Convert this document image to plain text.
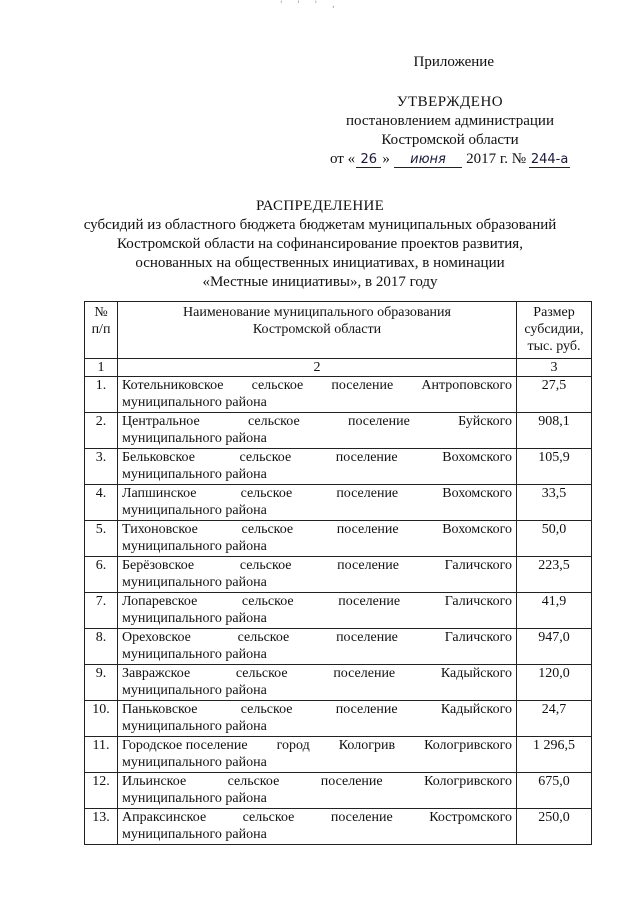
' ' ' ,
Приложение
УТВЕРЖДЕНО
постановлением администрации
Костромской области
от « 26 »	июня	2017 г. № 244-а
РАСПРЕДЕЛЕНИЕ
субсидий из областного бюджета бюджетам муниципальных образований
Костромской области на софинансирование проектов развития,
основанных на общественных инициативах, в номинации
«Местные инициативы», в 2017 году
№ п/п	Наименование муниципального образования
Костромской области	Размер субсидии, тыс. руб.
1	2	3
1.	Котельниковское сельское поселение Антроповского
муниципального района	27,5
2.	Центральное сельское поселение Буйского
муниципального района	908,1
3.	Бельковское сельское поселение Вохомского
муниципального района	105,9
4.	Лапшинское сельское поселение Вохомского
муниципального района	33,5
5.	Тихоновское сельское поселение Вохомского
муниципального района	50,0
6.	Берёзовское сельское поселение Галичского
муниципального района	223,5
7.	Лопаревское сельское поселение Галичского
муниципального района	41,9
8.	Ореховское сельское поселение Галичского
муниципального района	947,0
9.	Завражское сельское поселение Кадыйского
муниципального района	120,0
10.	Паньковское сельское поселение Кадыйского
муниципального района	24,7
11.	Городское поселение город Кологрив Кологривского
муниципального района	1 296,5
12.	Ильинское сельское поселение Кологривского
муниципального района	675,0
13.	Апраксинское сельское поселение Костромского
муниципального района	250,0
